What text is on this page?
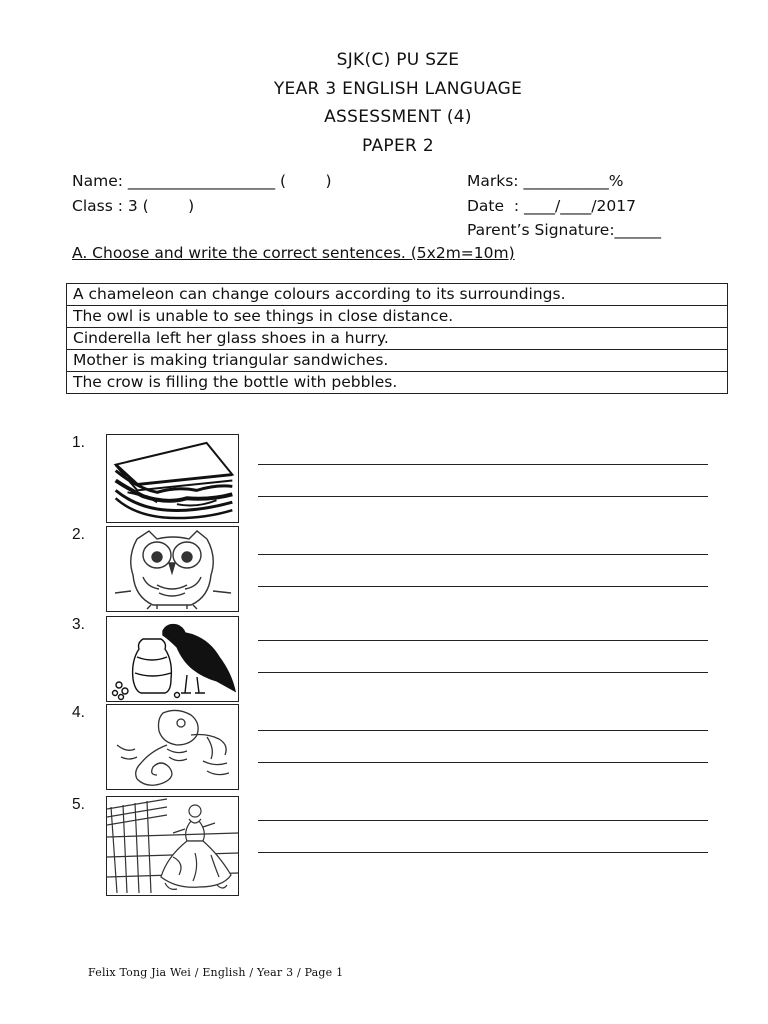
SJK(C) PU SZE
YEAR 3 ENGLISH LANGUAGE
ASSESSMENT (4)
PAPER 2
Name: ___________________ (        )
Class : 3 (        )
Marks: ___________%
Date  : ____/____/2017
Parent’s Signature:______
A. Choose and write the correct sentences. (5x2m=10m)
A chameleon can change colours according to its surroundings.
The owl is unable to see things in close distance.
Cinderella left her glass shoes in a hurry.
Mother is making triangular sandwiches.
The crow is filling the bottle with pebbles.
1.
2.
3.
4.
5.
Felix Tong Jia Wei / English / Year 3 / Page 1
